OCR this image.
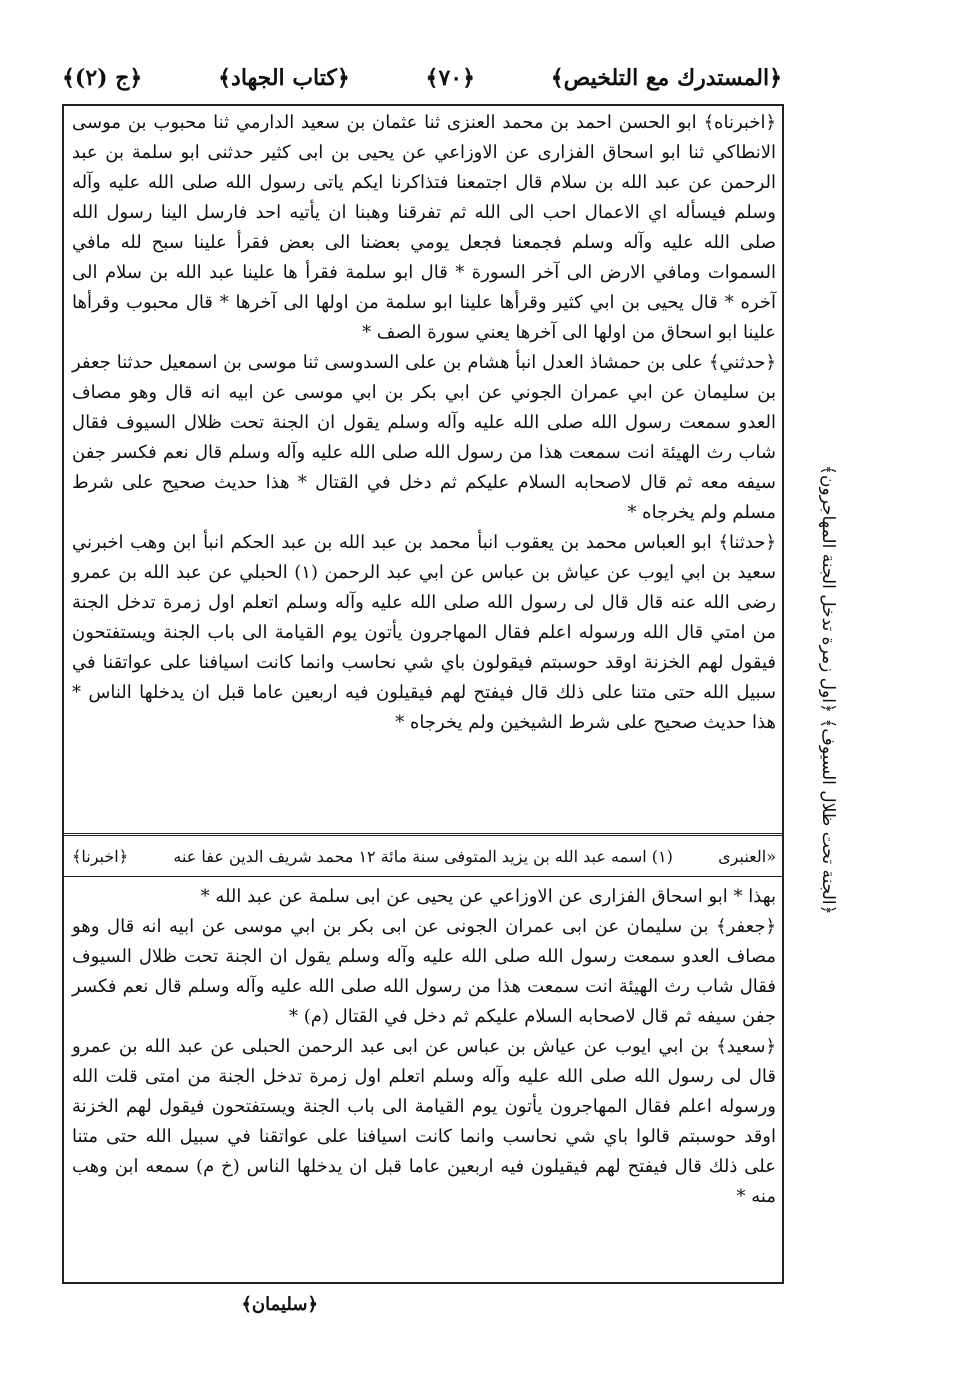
﴿المستدرك مع التلخيص﴾
﴿٧٠﴾
﴿كتاب الجهاد﴾
﴿ج (٢)﴾

﴿اخبرناه﴾ ابو الحسن احمد بن محمد العنزى ثنا عثمان بن سعيد الدارمي ثنا محبوب بن موسى الانطاكي ثنا ابو اسحاق الفزارى عن الاوزاعي عن يحيى بن ابى كثير حدثنى ابو سلمة بن عبد الرحمن عن عبد الله بن سلام قال اجتمعنا فتذاكرنا ايكم ياتى رسول الله صلى الله عليه وآله وسلم فيسأله اي الاعمال احب الى الله ثم تفرقنا وهبنا ان يأتيه احد فارسل الينا رسول الله صلى الله عليه وآله وسلم فجمعنا فجعل يومي بعضنا الى بعض فقرأ علينا سبح لله مافي السموات ومافي الارض الى آخر السورة * قال ابو سلمة فقرأ ها علينا عبد الله بن سلام الى آخره * قال يحيى بن ابي كثير وقرأها علينا ابو سلمة من اولها الى آخرها * قال محبوب وقرأها علينا ابو اسحاق من اولها الى آخرها يعني سورة الصف *

﴿حدثني﴾ على بن حمشاذ العدل انبأ هشام بن على السدوسى ثنا موسى بن اسمعيل حدثنا جعفر بن سليمان عن ابي عمران الجوني عن ابي بكر بن ابي موسى عن ابيه انه قال وهو مصاف العدو سمعت رسول الله صلى الله عليه وآله وسلم يقول ان الجنة تحت ظلال السيوف فقال شاب رث الهيئة انت سمعت هذا من رسول الله صلى الله عليه وآله وسلم قال نعم فكسر جفن سيفه معه ثم قال لاصحابه السلام عليكم ثم دخل في القتال * هذا حديث صحيح على شرط مسلم ولم يخرجاه *

﴿حدثنا﴾ ابو العباس محمد بن يعقوب انبأ محمد بن عبد الله بن عبد الحكم انبأ ابن وهب اخبرني سعيد بن ابي ايوب عن عياش بن عباس عن ابي عبد الرحمن (١) الحبلي عن عبد الله بن عمرو رضى الله عنه قال قال لى رسول الله صلى الله عليه وآله وسلم اتعلم اول زمرة تدخل الجنة من امتي قال الله ورسوله اعلم فقال المهاجرون يأتون يوم القيامة الى باب الجنة ويستفتحون فيقول لهم الخزنة اوقد حوسبتم فيقولون باي شي نحاسب وانما كانت اسيافنا على عواتقنا في سبيل الله حتى متنا على ذلك قال فيفتح لهم فيقيلون فيه اربعين عاما قبل ان يدخلها الناس * هذا حديث صحيح على شرط الشيخين ولم يخرجاه *

«العنبرى
(١) اسمه عبد الله بن يزيد المتوفى سنة مائة ١٢ محمد شريف الدين عفا عنه
﴿اخبرنا﴾

بهذا * ابو اسحاق الفزارى عن الاوزاعي عن يحيى عن ابى سلمة عن عبد الله *

﴿جعفر﴾ بن سليمان عن ابى عمران الجونى عن ابى بكر بن ابي موسى عن ابيه انه قال وهو مصاف العدو سمعت رسول الله صلى الله عليه وآله وسلم يقول ان الجنة تحت ظلال السيوف فقال شاب رث الهيئة انت سمعت هذا من رسول الله صلى الله عليه وآله وسلم قال نعم فكسر جفن سيفه ثم قال لاصحابه السلام عليكم ثم دخل في القتال (م) *

﴿سعيد﴾ بن ابي ايوب عن عياش بن عباس عن ابى عبد الرحمن الحبلى عن عبد الله بن عمرو قال لى رسول الله صلى الله عليه وآله وسلم اتعلم اول زمرة تدخل الجنة من امتى قلت الله ورسوله اعلم فقال المهاجرون يأتون يوم القيامة الى باب الجنة ويستفتحون فيقول لهم الخزنة اوقد حوسبتم قالوا باي شي نحاسب وانما كانت اسيافنا على عواتقنا في سبيل الله حتى متنا على ذلك قال فيفتح لهم فيقيلون فيه اربعين عاما قبل ان يدخلها الناس (خ م) سمعه ابن وهب منه *

﴿الجنة تحت ظلال السيوف﴾ ﴿اول زمرة تدخل الجنة المهاجرون﴾
﴿سليمان﴾
